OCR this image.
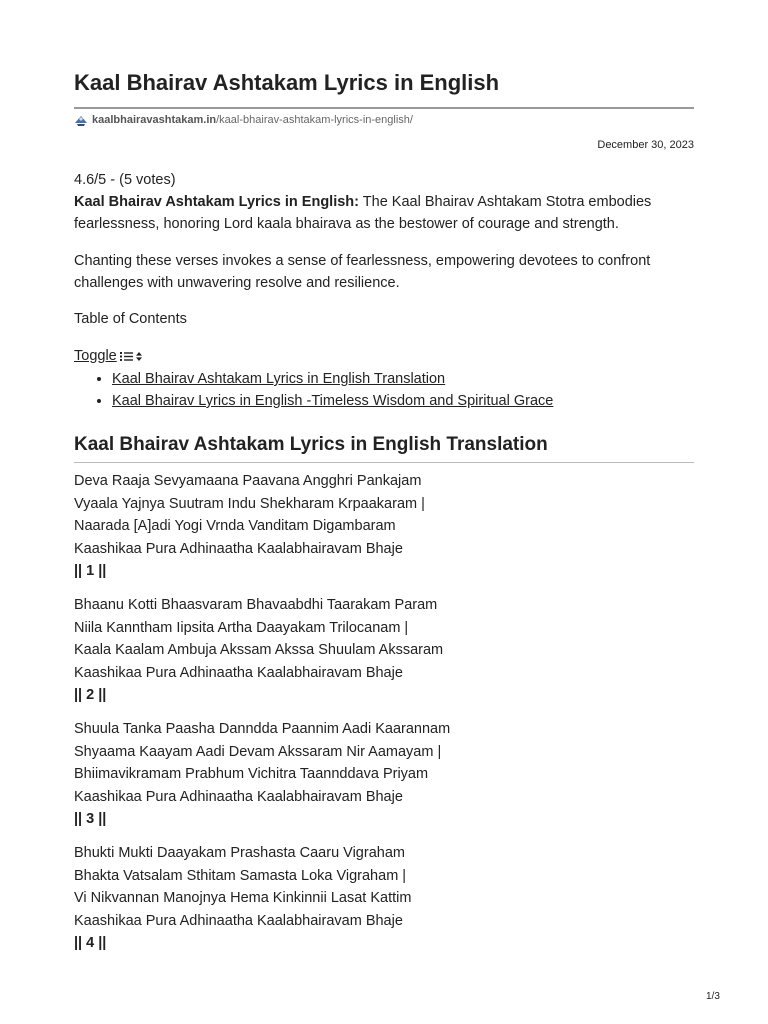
Kaal Bhairav Ashtakam Lyrics in English
kaalbhairavashtakam.in /kaal-bhairav-ashtakam-lyrics-in-english/
December 30, 2023
4.6/5 - (5 votes)

Kaal Bhairav Ashtakam Lyrics in English: The Kaal Bhairav Ashtakam Stotra embodies fearlessness, honoring Lord kaala bhairava as the bestower of courage and strength.

Chanting these verses invokes a sense of fearlessness, empowering devotees to confront challenges with unwavering resolve and resilience.

Table of Contents
Toggle
• Kaal Bhairav Ashtakam Lyrics in English Translation
• Kaal Bhairav Lyrics in English -Timeless Wisdom and Spiritual Grace
Kaal Bhairav Ashtakam Lyrics in English Translation
Deva Raaja Sevyamaana Paavana Angghri Pankajam
Vyaala Yajnya Suutram Indu Shekharam Krpaakaram |
Naarada [A]adi Yogi Vrnda Vanditam Digambaram
Kaashikaa Pura Adhinaatha Kaalabhairavam Bhaje
|| 1 ||
Bhaanu Kotti Bhaasvaram Bhavaabdhi Taarakam Param
Niila Kanntham Iipsita Artha Daayakam Trilocanam |
Kaala Kaalam Ambuja Akssam Akssa Shuulam Akssaram
Kaashikaa Pura Adhinaatha Kaalabhairavam Bhaje
|| 2 ||
Shuula Tanka Paasha Danndda Paannim Aadi Kaarannam
Shyaama Kaayam Aadi Devam Akssaram Nir Aamayam |
Bhiimavikramam Prabhum Vichitra Taannddava Priyam
Kaashikaa Pura Adhinaatha Kaalabhairavam Bhaje
|| 3 ||
Bhukti Mukti Daayakam Prashasta Caaru Vigraham
Bhakta Vatsalam Sthitam Samasta Loka Vigraham |
Vi Nikvannan Manojnya Hema Kinkinnii Lasat Kattim
Kaashikaa Pura Adhinaatha Kaalabhairavam Bhaje
|| 4 ||
1/3
